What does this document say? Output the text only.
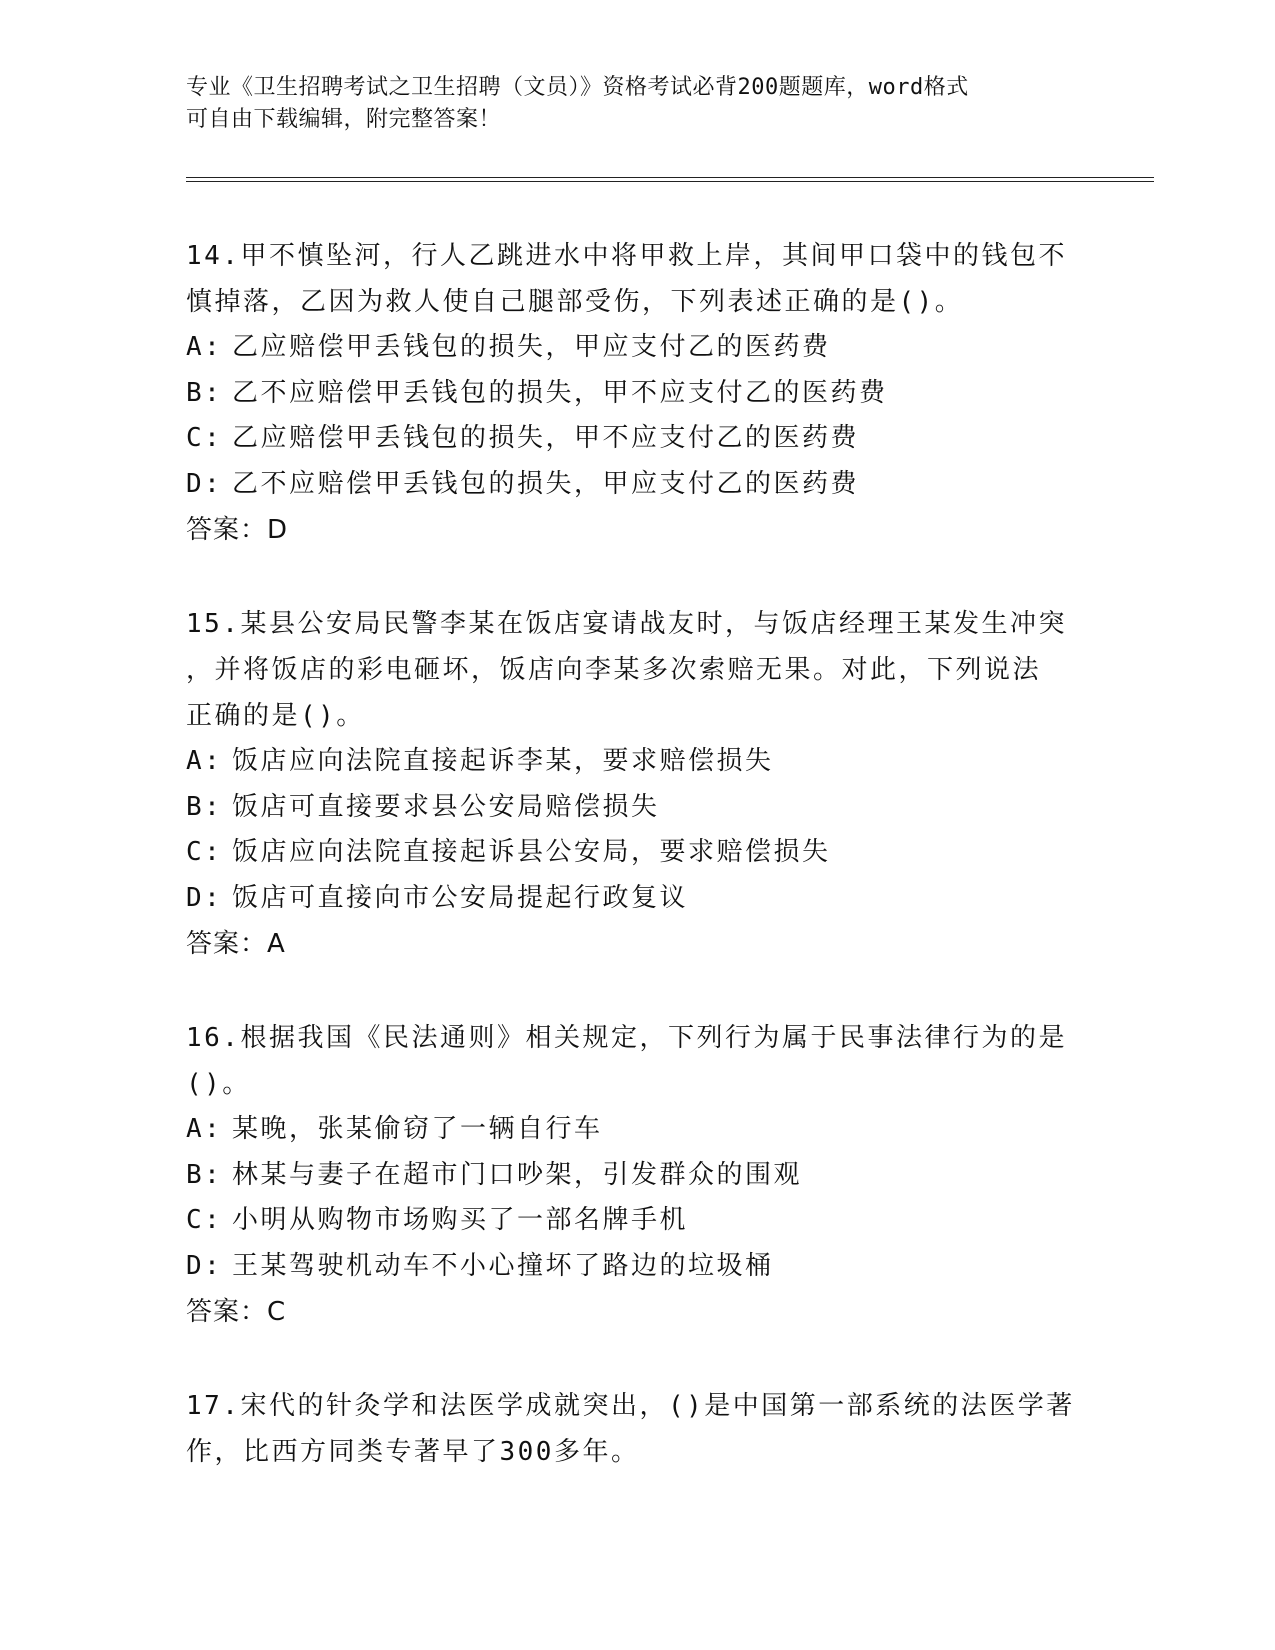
专业《卫生招聘考试之卫生招聘（文员）》资格考试必背200题题库，word格式
可自由下载编辑，附完整答案！

14.甲不慎坠河，行人乙跳进水中将甲救上岸，其间甲口袋中的钱包不

慎掉落，乙因为救人使自己腿部受伤，下列表述正确的是()。

A: 乙应赔偿甲丢钱包的损失，甲应支付乙的医药费

B: 乙不应赔偿甲丢钱包的损失，甲不应支付乙的医药费

C: 乙应赔偿甲丢钱包的损失，甲不应支付乙的医药费

D: 乙不应赔偿甲丢钱包的损失，甲应支付乙的医药费

答案：D

15.某县公安局民警李某在饭店宴请战友时，与饭店经理王某发生冲突

，并将饭店的彩电砸坏，饭店向李某多次索赔无果。对此，下列说法

正确的是()。

A: 饭店应向法院直接起诉李某，要求赔偿损失

B: 饭店可直接要求县公安局赔偿损失

C: 饭店应向法院直接起诉县公安局，要求赔偿损失

D: 饭店可直接向市公安局提起行政复议

答案：A

16.根据我国《民法通则》相关规定，下列行为属于民事法律行为的是

()。

A: 某晚，张某偷窃了一辆自行车

B: 林某与妻子在超市门口吵架，引发群众的围观

C: 小明从购物市场购买了一部名牌手机

D: 王某驾驶机动车不小心撞坏了路边的垃圾桶

答案：C

17.宋代的针灸学和法医学成就突出，()是中国第一部系统的法医学著

作，比西方同类专著早了300多年。
